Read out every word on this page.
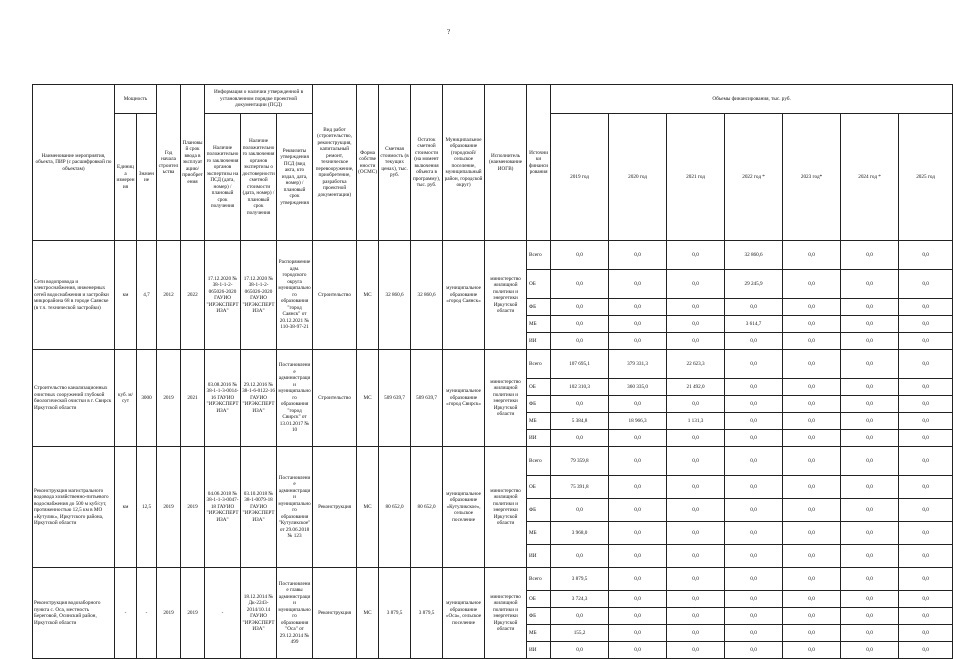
?
Наименование мероприятия, объекта, ПИР (с расшифровкой по объектам)	Мощность		Год начала строительства	Плановый срок ввода в эксплуатацию/приобретения	Информация о наличии утвержденной в установленном порядке проектной документации (ПСД)			Вид работ (строительство, реконструкция, капитальный ремонт, техническое перевооружение, приобретение, разработка проектной документации)	Форма собственности (ОСМС)	Сметная стоимость (в текущих ценах), тыс. руб.	Остаток сметной стоимости (на момент включения объекта в программу), тыс. руб.	Муниципальное образование (городской/сельское поселение, муниципальный район, городской округ)	Исполнитель (наименование ИОГВ)	Источники финансирования	Объемы финансирования, тыс. руб.						
	Единица измерения	Значение			Наличие положительного заключения органов экспертизы на ПСД (дата, номер) / плановый срок получения	Наличие положительного заключения органов экспертизы о достоверности сметной стоимости (дата, номер) / плановый срок получения	Реквизиты утверждения ПСД (вид акта, кто издал, дата, номер) / плановый срок утверждения								2019 год	2020 год	2021 год	2022 год *	2023 год*	2024 год *	2025 год
Сети водопровода и электроснабжения, инженерных сетей водоснабжения и застройки микрорайона 68 в городе Саянске (в т.ч. технической застройки)	км	4,7	2012	2022	17.12.2020 № 38-1-1-2-065026-2020 ГАУИО "ИРЭКСПЕРТИЗА"	17.12.2020 № 38-1-1-2-065026-2020 ГАУИО "ИРЭКСПЕРТИЗА"	Распоряжение адм. городского округа муниципального образования "город Саянск" от 20.12.2021 № 110-38-97-21	Строительство	МС	32 860,6	32 860,6	муниципальное образование «город Саянск»	министерство жилищной политики и энергетики Иркутской области	Всего	0,0	0,0	0,0	32 860,6	0,0	0,0	0,0
														ОБ	0,0	0,0	0,0	29 245,9	0,0	0,0	0,0
														ФБ	0,0	0,0	0,0	0,0	0,0	0,0	0,0
														МБ	0,0	0,0	0,0	3 614,7	0,0	0,0	0,0
														ИИ	0,0	0,0	0,0	0,0	0,0	0,0	0,0
Строительство канализационных очистных сооружений глубокой биологической очистки в г. Свирск Иркутской области	куб. м/сут	3000	2019	2021	03.08.2016 № 38-1-1-3-0014-16 ГАУИО "ИРЭКСПЕРТИЗА"	29.12.2016 № 38-1-6-0122-16 ГАУИО "ИРЭКСПЕРТИЗА"	Постановление администрации муниципального образования "город Свирск" от 13.01.2017 № 10	Строительство	МС	509 639,7	509 639,7	муниципальное образование «город Свирск»	министерство жилищной политики и энергетики Иркутской области	Всего	107 695,1	379 331,3	22 623,3	0,0	0,0	0,0	0,0
														ОБ	102 310,3	360 335,0	21 492,0	0,0	0,0	0,0	0,0
														ФБ	0,0	0,0	0,0	0,0	0,0	0,0	0,0
														МБ	5 384,8	18 966,3	1 131,3	0,0	0,0	0,0	0,0
														ИИ	0,0	0,0	0,0	0,0	0,0	0,0	0,0
Реконструкция магистрального водовода хозяйственно-питьевого водоснабжения до 500 м куб/сут, протяженностью 12,5 км в МО «Кутулик», Иркутского района, Иркутской области	км	12,5	2019	2019	04.06.2018 № 38-1-1-3-0047-18 ГАУИО "ИРЭКСПЕРТИЗА"	03.10.2018 № 38-1-0079-18 ГАУИО "ИРЭКСПЕРТИЗА"	Постановление администрации муниципального образования "Кутуликское" от 29.06.2018 № 123	Реконструкция	МС	80 652,0	80 652,0	муниципальное образование «Кутуликское», сельское поселение	министерство жилищной политики и энергетики Иркутской области	Всего	79 359,8	0,0	0,0	0,0	0,0	0,0	0,0
														ОБ	75 391,8	0,0	0,0	0,0	0,0	0,0	0,0
														ФБ	0,0	0,0	0,0	0,0	0,0	0,0	0,0
														МБ	3 968,0	0,0	0,0	0,0	0,0	0,0	0,0
														ИИ	0,0	0,0	0,0	0,0	0,0	0,0	0,0
Реконструкция водозаборного пункта с. Оса, местность Береговой, Осинский район, Иркутской области	-	-	2019	2019	-	18.12.2014 № Дк-2243-2014/10.14 ГАУИО "ИРЭКСПЕРТИЗА"	Постановление главы администрации муниципального образования "Оса" от 29.12.2014 № 499	Реконструкция	МС	3 879,5	3 879,5	муниципальное образование «Оса», сельское поселение	министерство жилищной политики и энергетики Иркутской области	Всего	3 879,5	0,0	0,0	0,0	0,0	0,0	0,0
														ОБ	3 724,3	0,0	0,0	0,0	0,0	0,0	0,0
														ФБ	0,0	0,0	0,0	0,0	0,0	0,0	0,0
														МБ	155,2	0,0	0,0	0,0	0,0	0,0	0,0
														ИИ	0,0	0,0	0,0	0,0	0,0	0,0	0,0
